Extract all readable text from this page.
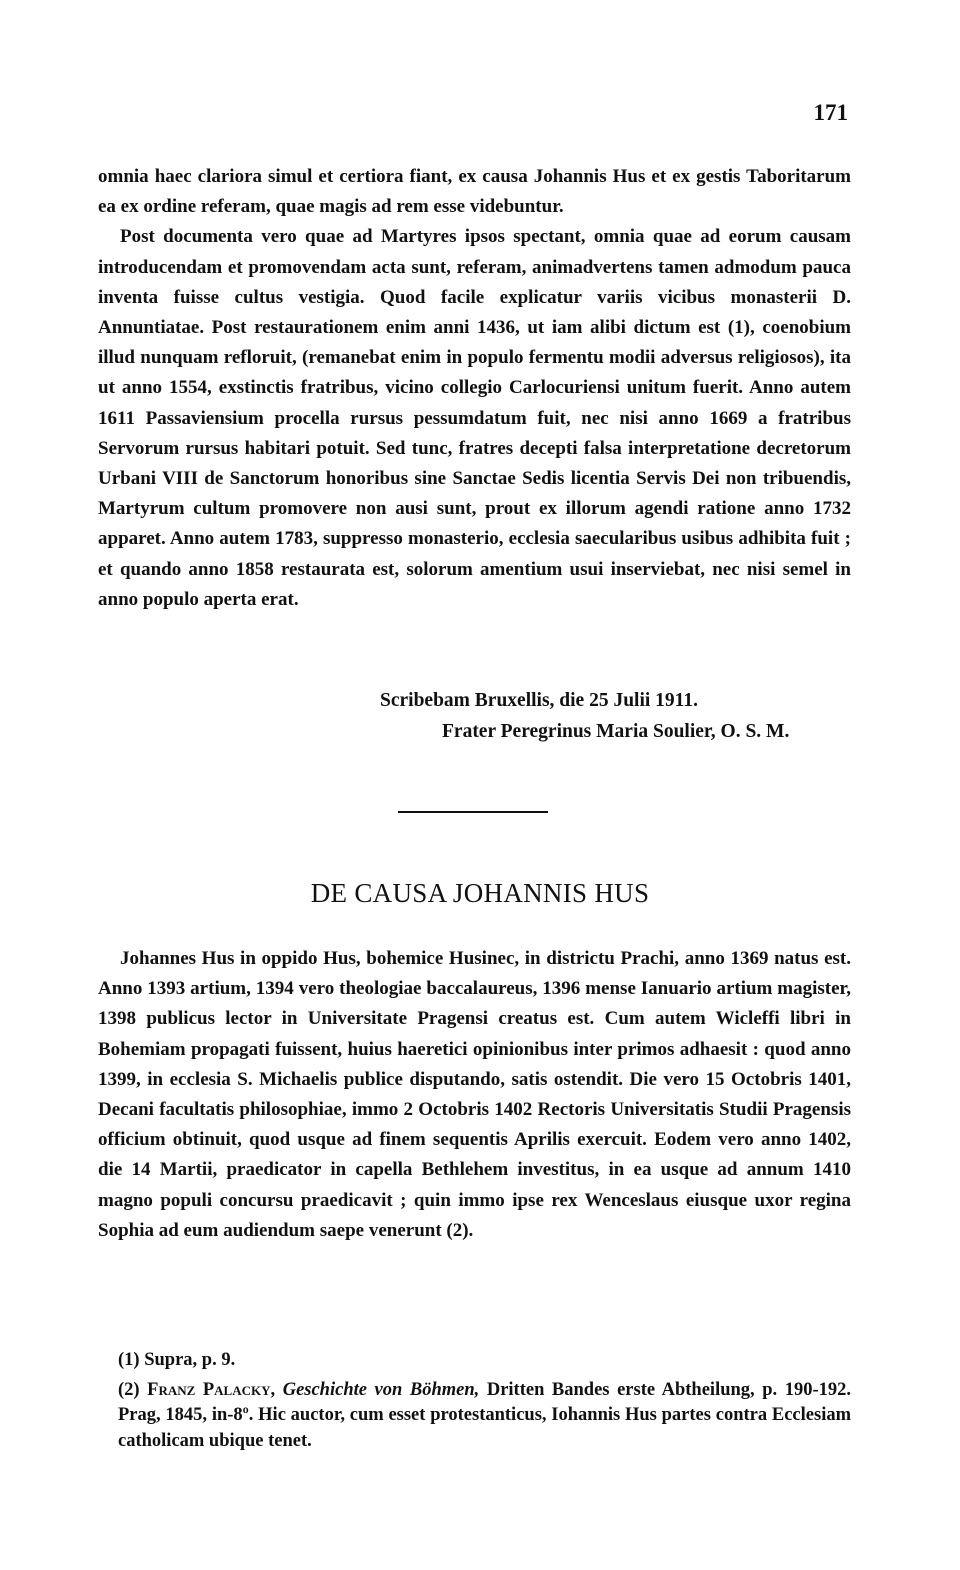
171

omnia haec clariora simul et certiora fiant, ex causa Johannis Hus et ex gestis Taboritarum ea ex ordine referam, quae magis ad rem esse videbuntur.

Post documenta vero quae ad Martyres ipsos spectant, omnia quae ad eorum causam introducendam et promovendam acta sunt, referam, animadvertens tamen admodum pauca inventa fuisse cultus vestigia. Quod facile explicatur variis vicibus monasterii D. Annuntiatae. Post restaurationem enim anni 1436, ut iam alibi dictum est (1), coenobium illud nunquam refloruit, (remanebat enim in populo fermentu modii adversus religiosos), ita ut anno 1554, exstinctis fratribus, vicino collegio Carlocuriensi unitum fuerit. Anno autem 1611 Passaviensium procella rursus pessumdatum fuit, nec nisi anno 1669 a fratribus Servorum rursus habitari potuit. Sed tunc, fratres decepti falsa interpretatione decretorum Urbani VIII de Sanctorum honoribus sine Sanctae Sedis licentia Servis Dei non tribuendis, Martyrum cultum promovere non ausi sunt, prout ex illorum agendi ratione anno 1732 apparet. Anno autem 1783, suppresso monasterio, ecclesia saecularibus usibus adhibita fuit ; et quando anno 1858 restaurata est, solorum amentium usui inserviebat, nec nisi semel in anno populo aperta erat.

Scribebam Bruxellis, die 25 Julii 1911.
Frater Peregrinus Maria Soulier, O. S. M.
DE CAUSA JOHANNIS HUS

Johannes Hus in oppido Hus, bohemice Husinec, in districtu Prachi, anno 1369 natus est. Anno 1393 artium, 1394 vero theologiae baccalaureus, 1396 mense Ianuario artium magister, 1398 publicus lector in Universitate Pragensi creatus est. Cum autem Wicleffi libri in Bohemiam propagati fuissent, huius haeretici opinionibus inter primos adhaesit : quod anno 1399, in ecclesia S. Michaelis publice disputando, satis ostendit. Die vero 15 Octobris 1401, Decani facultatis philosophiae, immo 2 Octobris 1402 Rectoris Universitatis Studii Pragensis officium obtinuit, quod usque ad finem sequentis Aprilis exercuit. Eodem vero anno 1402, die 14 Martii, praedicator in capella Bethlehem investitus, in ea usque ad annum 1410 magno populi concursu praedicavit ; quin immo ipse rex Wenceslaus eiusque uxor regina Sophia ad eum audiendum saepe venerunt (2).

(1) Supra, p. 9.

(2) Franz Palacky, Geschichte von Böhmen, Dritten Bandes erste Abtheilung, p. 190-192. Prag, 1845, in-8º. Hic auctor, cum esset protestanticus, Iohannis Hus partes contra Ecclesiam catholicam ubique tenet.
